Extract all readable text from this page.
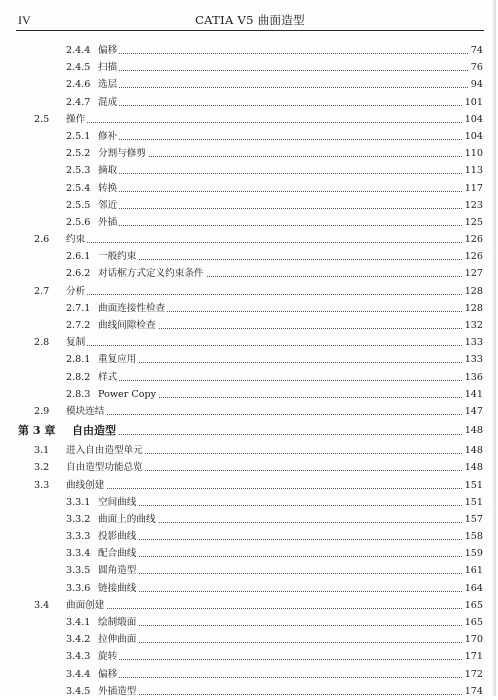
IV	CATIA V5 曲面造型
2.4.4 偏移	74
2.4.5 扫描	76
2.4.6 选层	94
2.4.7 混成	101
2.5 操作	104
2.5.1 修补	104
2.5.2 分割与修剪	110
2.5.3 摘取	113
2.5.4 转换	117
2.5.5 邻近	123
2.5.6 外插	125
2.6 约束	126
2.6.1 一般约束	126
2.6.2 对话框方式定义约束条件	127
2.7 分析	128
2.7.1 曲面连接性检查	128
2.7.2 曲线间隙检查	132
2.8 复制	133
2.8.1 重复应用	133
2.8.2 样式	136
2.8.3 Power Copy	141
2.9 模块连结	147
第 3 章 自由造型	148
3.1 进入自由造型单元	148
3.2 自由造型功能总览	148
3.3 曲线创建	151
3.3.1 空间曲线	151
3.3.2 曲面上的曲线	157
3.3.3 投影曲线	158
3.3.4 配合曲线	159
3.3.5 圆角造型	161
3.3.6 链接曲线	164
3.4 曲面创建	165
3.4.1 绘制缎面	165
3.4.2 拉伸曲面	170
3.4.3 旋转	171
3.4.4 偏移	172
3.4.5 外插造型	174
